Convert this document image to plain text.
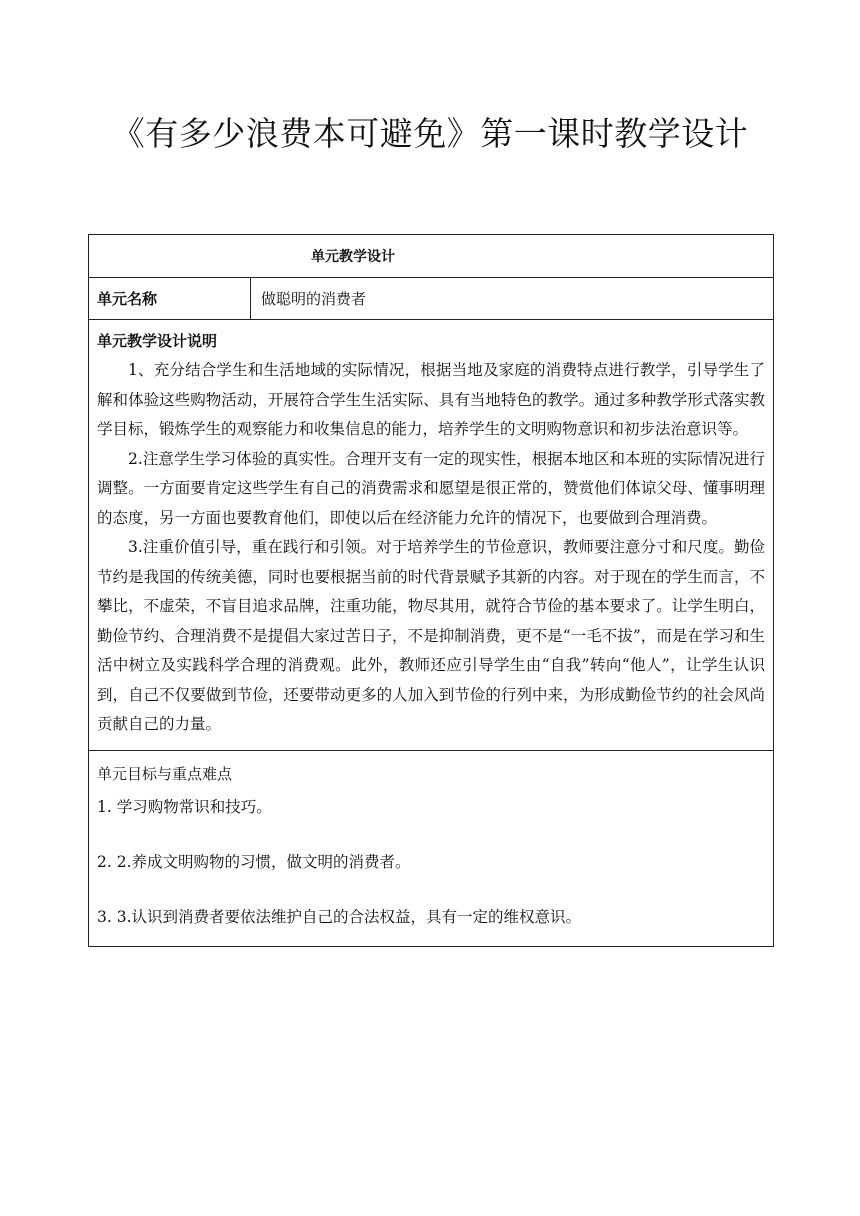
《有多少浪费本可避免》第一课时教学设计
单元教学设计
单元名称	做聪明的消费者

单元教学设计说明

1、充分结合学生和生活地域的实际情况，根据当地及家庭的消费特点进行教学，引导学生了解和体验这些购物活动，开展符合学生生活实际、具有当地特色的教学。通过多种教学形式落实教学目标，锻炼学生的观察能力和收集信息的能力，培养学生的文明购物意识和初步法治意识等。

2.注意学生学习体验的真实性。合理开支有一定的现实性，根据本地区和本班的实际情况进行调整。一方面要肯定这些学生有自己的消费需求和愿望是很正常的，赞赏他们体谅父母、懂事明理的态度，另一方面也要教育他们，即使以后在经济能力允许的情况下，也要做到合理消费。

3.注重价值引导，重在践行和引领。对于培养学生的节俭意识，教师要注意分寸和尺度。勤俭节约是我国的传统美德，同时也要根据当前的时代背景赋予其新的内容。对于现在的学生而言，不攀比，不虚荣，不盲目追求品牌，注重功能，物尽其用，就符合节俭的基本要求了。让学生明白，勤俭节约、合理消费不是提倡大家过苦日子，不是抑制消费，更不是“一毛不拔”，而是在学习和生活中树立及实践科学合理的消费观。此外，教师还应引导学生由“自我”转向“他人”，让学生认识到，自己不仅要做到节俭，还要带动更多的人加入到节俭的行列中来，为形成勤俭节约的社会风尚贡献自己的力量。

单元目标与重点难点

1. 学习购物常识和技巧。

2. 2.养成文明购物的习惯，做文明的消费者。

3. 3.认识到消费者要依法维护自己的合法权益，具有一定的维权意识。
